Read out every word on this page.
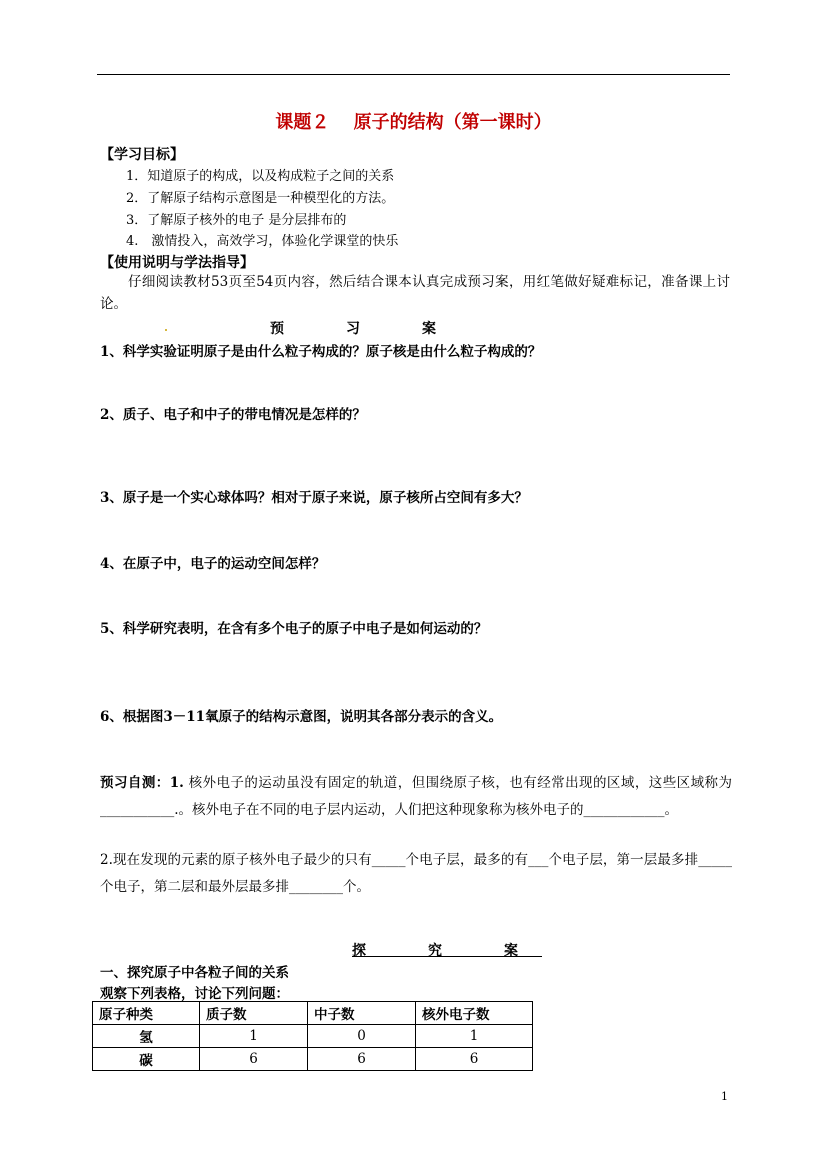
课题２　 原子的结构（第一课时）
【学习目标】
1．知道原子的构成，以及构成粒子之间的关系
2．了解原子结构示意图是一种模型化的方法。
3．了解原子核外的电子 是分层排布的
4.　激情投入，高效学习，体验化学课堂的快乐
【使用说明与学法指导】
仔细阅读教材53页至54页内容，然后结合课本认真完成预习案，用红笔做好疑难标记，准备课上讨论。
预　习　案
1、科学实验证明原子是由什么粒子构成的？原子核是由什么粒子构成的？
2、质子、电子和中子的带电情况是怎样的？
3、原子是一个实心球体吗？相对于原子来说，原子核所占空间有多大？
4、在原子中，电子的运动空间怎样？
5、科学研究表明，在含有多个电子的原子中电子是如何运动的？
6、根据图3－11氧原子的结构示意图，说明其各部分表示的含义。
预习自测：1. 核外电子的运动虽没有固定的轨道，但围绕原子核，也有经常出现的区域，这些区域称为___________.。核外电子在不同的电子层内运动，人们把这种现象称为核外电子的____________。
2.现在发现的元素的原子核外电子最少的只有_____个电子层，最多的有___个电子层，第一层最多排_____个电子，第二层和最外层最多排________个。
探　究　案
一、探究原子中各粒子间的关系
观察下列表格，讨论下列问题：
原子种类	质子数	中子数	核外电子数
氢	1	0	1
碳	6	6	6
1
